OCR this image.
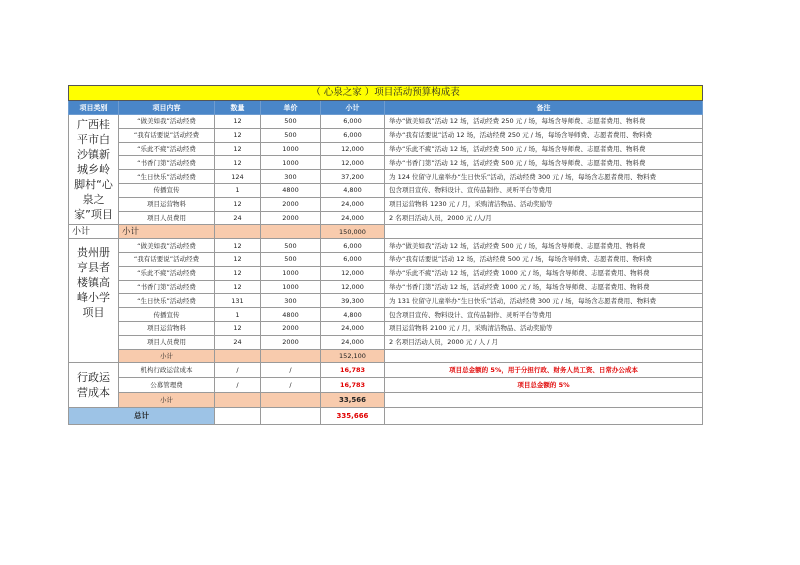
（ 心泉之家 ）项目活动预算构成表					
项目类别	项目内容	数量	单价	小计	备注
广西桂平市白沙镇新城乡岭脚村“心泉之家”项目	“做美如我”活动经费	12	500	6,000	举办“做美如我”活动 12 场，活动经费 250 元 / 场，每场含导师费、志愿者费用、物料费
	“我有话要说”活动经费	12	500	6,000	举办“我有话要说”活动 12 场，活动经费 250 元 / 场，每场含导师费、志愿者费用、物料费
	“乐此不疲”活动经费	12	1000	12,000	举办“乐此不疲”活动 12 场，活动经费 500 元 / 场，每场含导师费、志愿者费用、物料费
	“书香门第”活动经费	12	1000	12,000	举办“书香门第”活动 12 场，活动经费 500 元 / 场，每场含导师费、志愿者费用、物料费
	“生日快乐”活动经费	124	300	37,200	为 124 位留守儿童举办“生日快乐”活动，活动经费 300 元 / 场，每场含志愿者费用、物料费
	传播宣传	1	4800	4,800	包含项目宣传、物料设计、宣传品制作、灵听平台等费用
	项目运营物料	12	2000	24,000	项目运营物料 1230 元 / 月，采购清洁物品、活动奖励等
	项目人员费用	24	2000	24,000	2 名项目活动人员，2000 元 /人/月
小计	小计			150,000	
贵州册亨县者楼镇高峰小学项目	“做美如我”活动经费	12	500	6,000	举办“做美如我”活动 12 场，活动经费 500 元 / 场，每场含导师费、志愿者费用、物料费
	“我有话要说”活动经费	12	500	6,000	举办“我有话要说”活动 12 场，活动经费 500 元 / 场，每场含导师费、志愿者费用、物料费
	“乐此不疲”活动经费	12	1000	12,000	举办“乐此不疲”活动 12 场，活动经费 1000 元 / 场，每场含导师费、志愿者费用、物料费
	“书香门第”活动经费	12	1000	12,000	举办“书香门第”活动 12 场，活动经费 1000 元 / 场，每场含导师费、志愿者费用、物料费
	“生日快乐”活动经费	131	300	39,300	为 131 位留守儿童举办“生日快乐”活动，活动经费 300 元 / 场，每场含志愿者费用、物料费
	传播宣传	1	4800	4,800	包含项目宣传、物料设计、宣传品制作、灵听平台等费用
	项目运营物料	12	2000	24,000	项目运营物料 2100 元 / 月，采购清洁物品、活动奖励等
	项目人员费用	24	2000	24,000	2 名项目活动人员，2000 元 / 人 / 月
	小计			152,100	
行政运营成本	机构行政运营成本	/	/	16,783	项目总金额的 5%，用于分担行政、财务人员工资、日常办公成本
	公募管理费	/	/	16,783	项目总金额的 5%
	小计			33,566	
总计				335,666	
